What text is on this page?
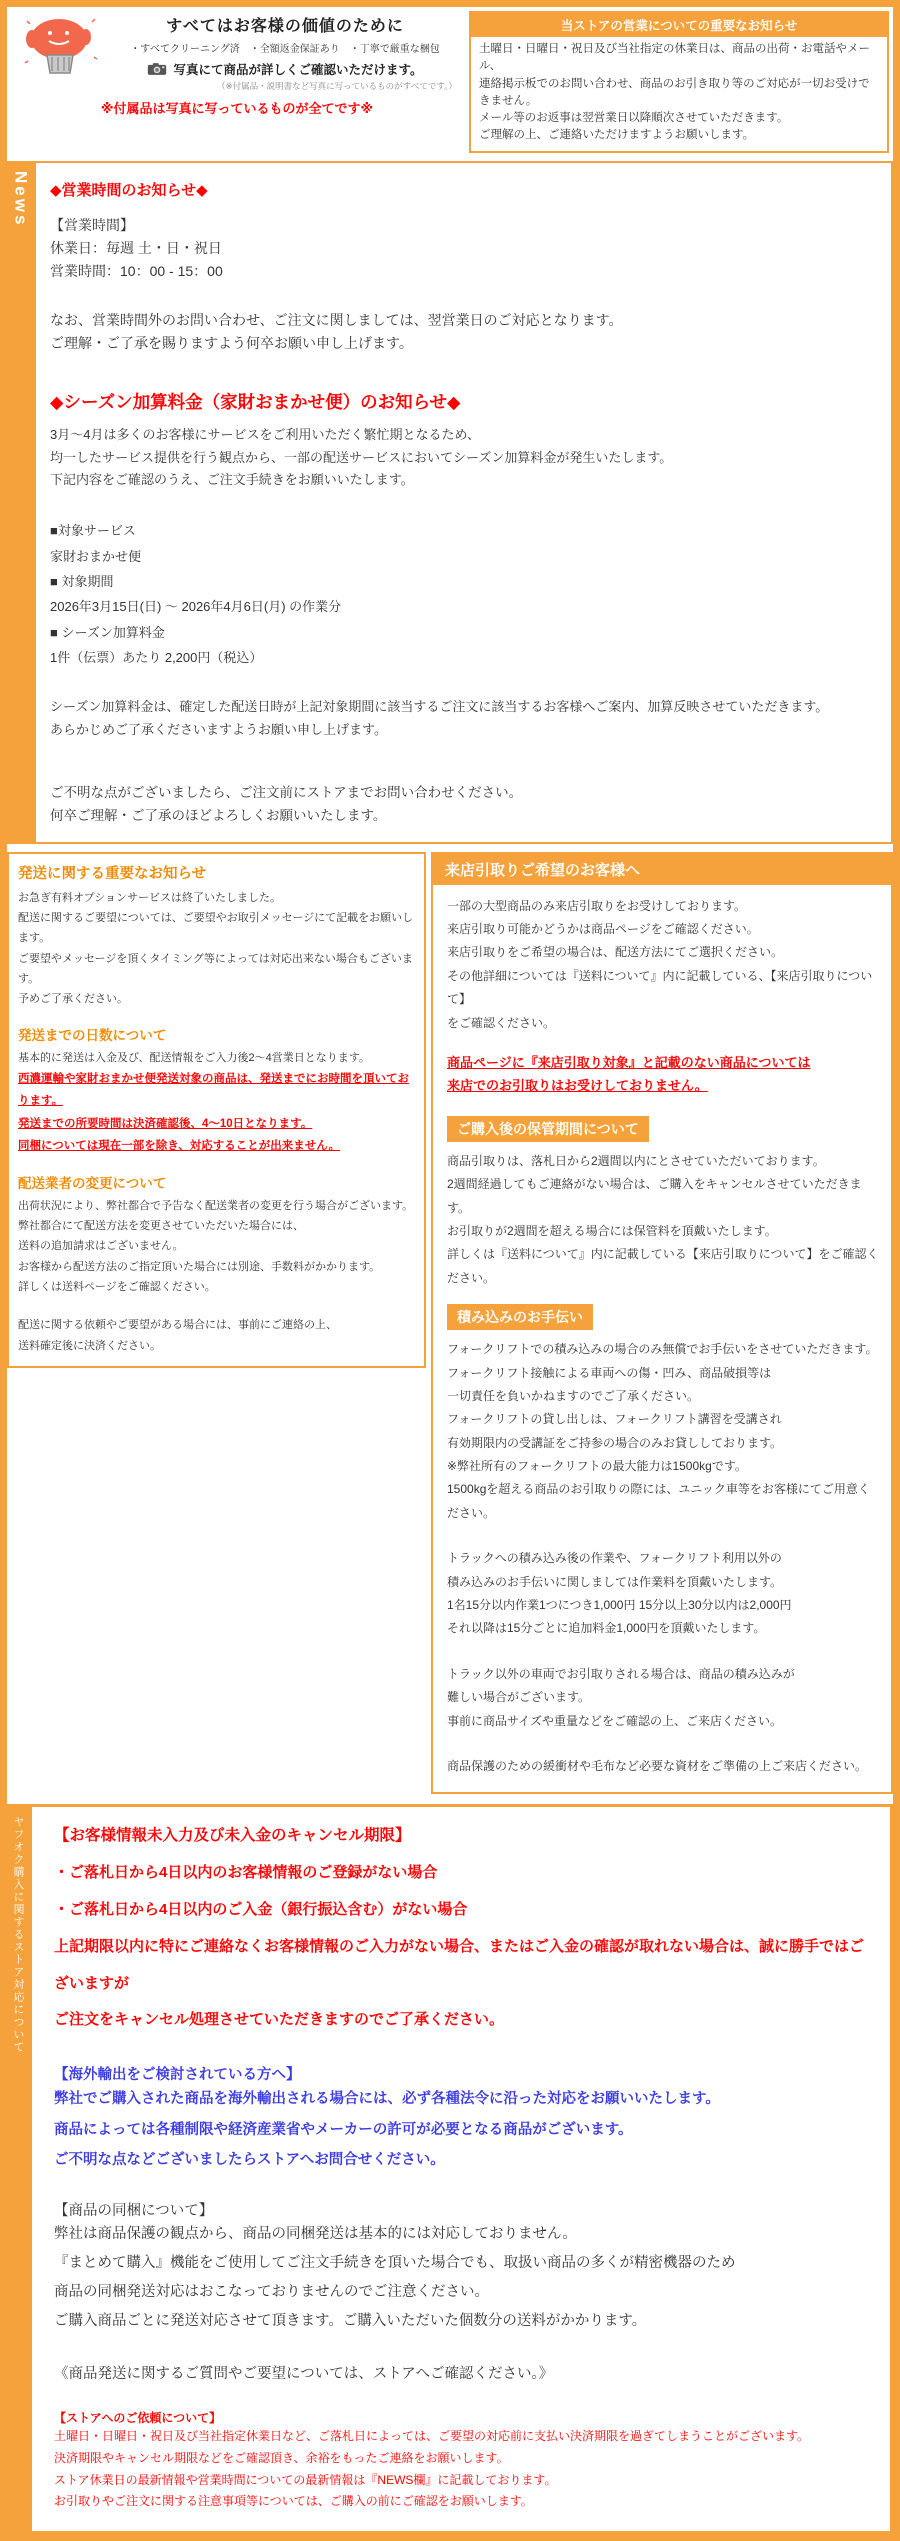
すべてはお客様の価値のために
・すべてクリーニング済　・全額返金保証あり　・丁寧で厳重な梱包
写真にて商品が詳しくご確認いただけます。
（※付属品・説明書など写真に写っているものがすべてです。）
※付属品は写真に写っているものが全てです※
当ストアの営業についての重要なお知らせ
土曜日・日曜日・祝日及び当社指定の休業日は、商品の出荷・お電話やメール、
連絡掲示板でのお問い合わせ、商品のお引き取り等のご対応が一切お受けできません。
メール等のお返事は翌営業日以降順次させていただきます。
ご理解の上、ご連絡いただけますようお願いします。
News ◆営業時間のお知らせ◆
【営業時間】
休業日：毎週 土・日・祝日
営業時間：10：00 - 15：00
なお、営業時間外のお問い合わせ、ご注文に関しましては、翌営業日のご対応となります。
ご理解・ご了承を賜りますよう何卒お願い申し上げます。
◆シーズン加算料金（家財おまかせ便）のお知らせ◆
3月～4月は多くのお客様にサービスをご利用いただく繁忙期となるため、
均一したサービス提供を行う観点から、一部の配送サービスにおいてシーズン加算料金が発生いたします。
下記内容をご確認のうえ、ご注文手続きをお願いいたします。
■対象サービス
家財おまかせ便
■ 対象期間
2026年3月15日(日) ～ 2026年4月6日(月) の作業分
■ シーズン加算料金
1件（伝票）あたり 2,200円（税込）
シーズン加算料金は、確定した配送日時が上記対象期間に該当するご注文に該当するお客様へご案内、加算反映させていただきます。
あらかじめご了承くださいますようお願い申し上げます。
ご不明な点がございましたら、ご注文前にストアまでお問い合わせください。
何卒ご理解・ご了承のほどよろしくお願いいたします。
発送に関する重要なお知らせ
お急ぎ有料オプションサービスは終了いたしました。
配送に関するご要望については、ご要望やお取引メッセージにて記載をお願いします。
ご要望やメッセージを頂くタイミング等によっては対応出来ない場合もございます。
予めご了承ください。
発送までの日数について
基本的に発送は入金及び、配送情報をご入力後2～4営業日となります。
西濃運輸や家財おまかせ便発送対象の商品は、発送までにお時間を頂いております。
発送までの所要時間は決済確認後、4～10日となります。
同梱については現在一部を除き、対応することが出来ません。
配送業者の変更について
出荷状況により、弊社都合で予告なく配送業者の変更を行う場合がございます。
弊社都合にて配送方法を変更させていただいた場合には、
送料の追加請求はございません。
お客様から配送方法のご指定頂いた場合には別途、手数料がかかります。
詳しくは送料ページをご確認ください。
配送に関する依頼やご要望がある場合には、事前にご連絡の上、
送料確定後に決済ください。
来店引取りご希望のお客様へ
一部の大型商品のみ来店引取りをお受けしております。
来店引取り可能かどうかは商品ページをご確認ください。
来店引取りをご希望の場合は、配送方法にてご選択ください。
その他詳細については『送料について』内に記載している、【来店引取りについて】
をご確認ください。
商品ページに『来店引取り対象』と記載のない商品については
来店でのお引取りはお受けしておりません。
ご購入後の保管期間について
商品引取りは、落札日から2週間以内にとさせていただいております。
2週間経過してもご連絡がない場合は、ご購入をキャンセルさせていただきます。
お引取りが2週間を超える場合には保管料を頂戴いたします。
詳しくは『送料について』内に記載している【来店引取りについて】をご確認ください。
積み込みのお手伝い
フォークリフトでの積み込みの場合のみ無償でお手伝いをさせていただきます。
フォークリフト接触による車両への傷・凹み、商品破損等は
一切責任を負いかねますのでご了承ください。
フォークリフトの貸し出しは、フォークリフト講習を受講され
有効期限内の受講証をご持参の場合のみお貸ししております。
※弊社所有のフォークリフトの最大能力は1500kgです。
1500kgを超える商品のお引取りの際には、ユニック車等をお客様にてご用意ください。
トラックへの積み込み後の作業や、フォークリフト利用以外の
積み込みのお手伝いに関しましては作業料を頂戴いたします。
1名15分以内作業1つにつき1,000円 15分以上30分以内は2,000円
それ以降は15分ごとに追加料金1,000円を頂戴いたします。
トラック以外の車両でお引取りされる場合は、商品の積み込みが
難しい場合がございます。
事前に商品サイズや重量などをご確認の上、ご来店ください。
商品保護のための緩衝材や毛布など必要な資材をご準備の上ご来店ください。
ヤフオク購入に関するストア対応について 【お客様情報未入力及び未入金のキャンセル期限】
・ご落札日から4日以内のお客様情報のご登録がない場合
・ご落札日から4日以内のご入金（銀行振込含む）がない場合
上記期限以内に特にご連絡なくお客様情報のご入力がない場合、またはご入金の確認が取れない場合は、誠に勝手ではございますが
ご注文をキャンセル処理させていただきますのでご了承ください。
【海外輸出をご検討されている方へ】
弊社でご購入された商品を海外輸出される場合には、必ず各種法令に沿った対応をお願いいたします。
商品によっては各種制限や経済産業省やメーカーの許可が必要となる商品がございます。
ご不明な点などございましたらストアへお問合せください。
【商品の同梱について】
弊社は商品保護の観点から、商品の同梱発送は基本的には対応しておりません。
『まとめて購入』機能をご使用してご注文手続きを頂いた場合でも、取扱い商品の多くが精密機器のため
商品の同梱発送対応はおこなっておりませんのでご注意ください。
ご購入商品ごとに発送対応させて頂きます。ご購入いただいた個数分の送料がかかります。
《商品発送に関するご質問やご要望については、ストアへご確認ください。》
【ストアへのご依頼について】
土曜日・日曜日・祝日及び当社指定休業日など、ご落札日によっては、ご要望の対応前に支払い決済期限を過ぎてしまうことがございます。
決済期限やキャンセル期限などをご確認頂き、余裕をもったご連絡をお願いします。
ストア休業日の最新情報や営業時間についての最新情報は『NEWS欄』に記載しております。
お引取りやご注文に関する注意事項等については、ご購入の前にご確認をお願いします。
